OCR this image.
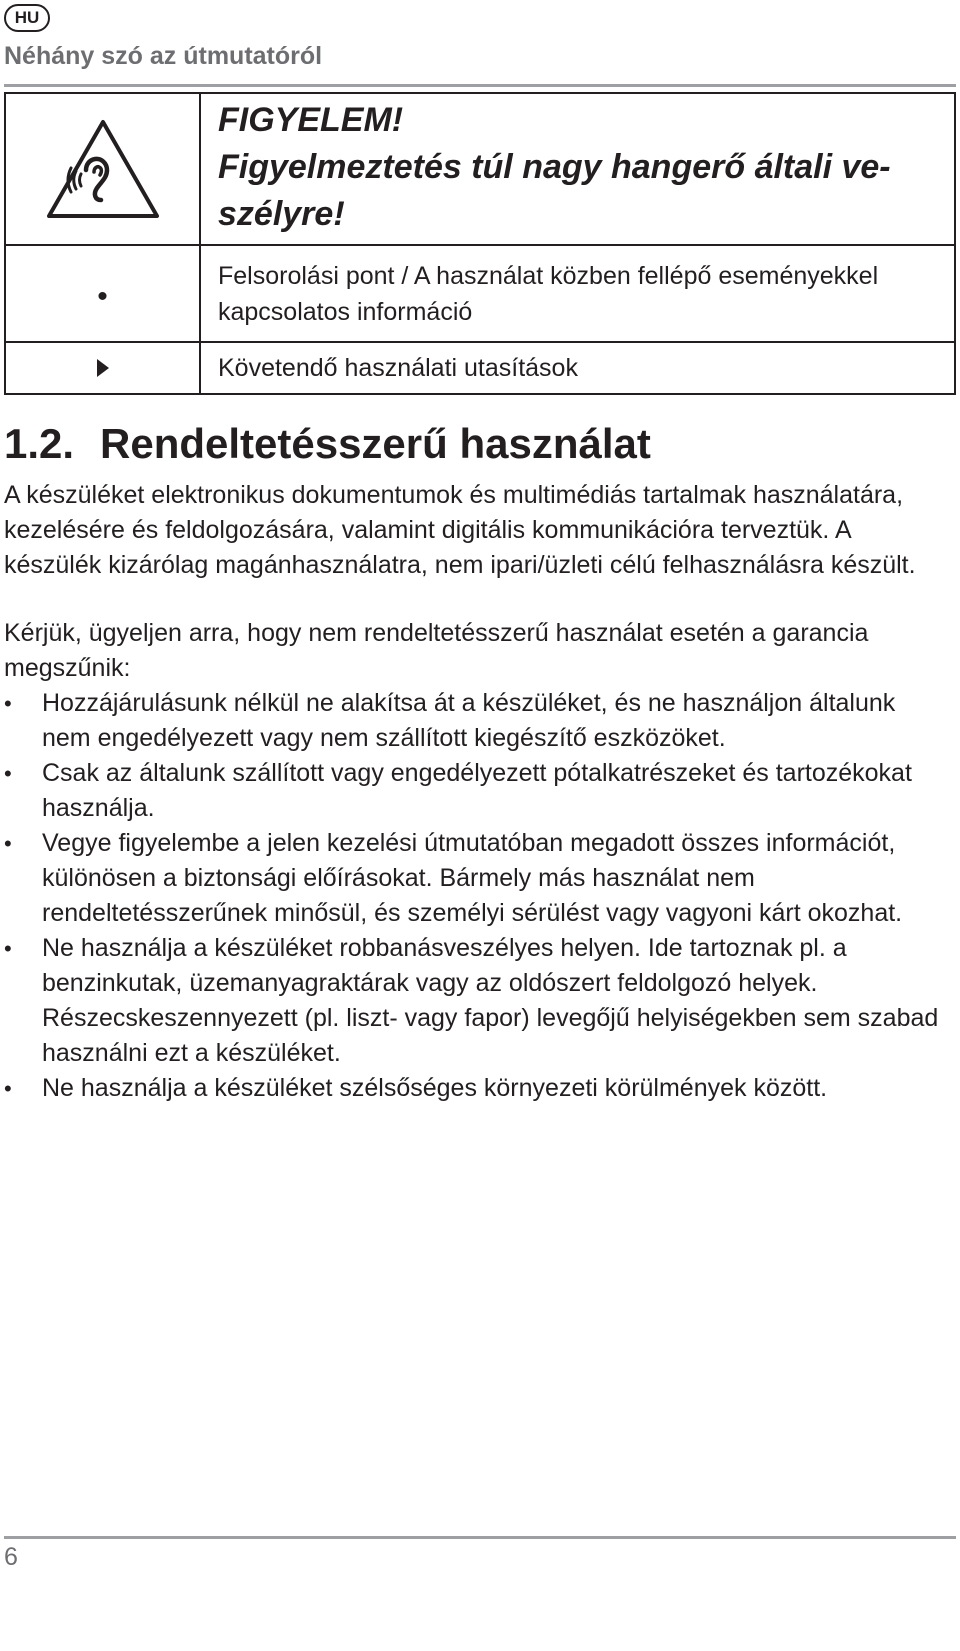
HU
Néhány szó az útmutatóról

FIGYELEM!
Figyelmeztetés túl nagy hangerő általi ve-
szélyre!

•	Felsorolási pont / A használat közben fellépő eseményekkel kapcsolatos információ

Követendő használati utasítások
1.2. Rendeltetésszerű használat
A készüléket elektronikus dokumentumok és multimédiás tartalmak használatára, kezelésére és feldolgozására, valamint digitális kommunikációra terveztük. A készülék kizárólag magánhasználatra, nem ipari/üzleti célú felhasználásra készült.
Kérjük, ügyeljen arra, hogy nem rendeltetésszerű használat esetén a garancia megszűnik:
•	Hozzájárulásunk nélkül ne alakítsa át a készüléket, és ne használjon általunk nem engedélyezett vagy nem szállított kiegészítő eszközöket.
•	Csak az általunk szállított vagy engedélyezett pótalkatrészeket és tartozékokat használja.
•	Vegye figyelembe a jelen kezelési útmutatóban megadott összes információt, különösen a biztonsági előírásokat. Bármely más használat nem rendeltetésszerűnek minősül, és személyi sérülést vagy vagyoni kárt okozhat.
•	Ne használja a készüléket robbanásveszélyes helyen. Ide tartoznak pl. a benzinkutak, üzemanyagraktárak vagy az oldószert feldolgozó helyek. Részecskeszennyezett (pl. liszt- vagy fapor) levegőjű helyiségekben sem szabad használni ezt a készüléket.
•	Ne használja a készüléket szélsőséges környezeti körülmények között.
6
